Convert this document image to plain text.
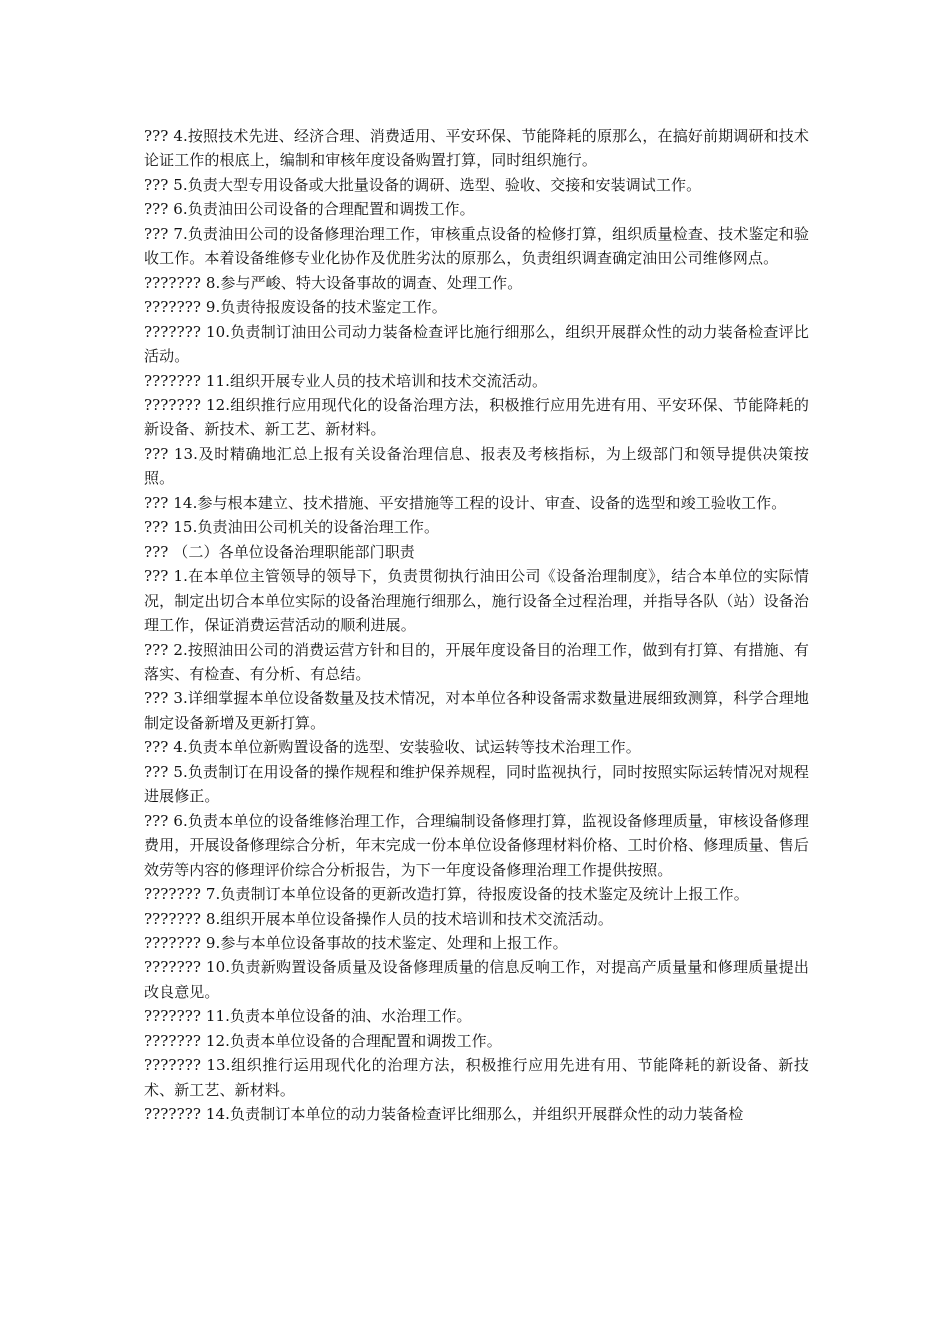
??? 4.按照技术先进、经济合理、消费适用、平安环保、节能降耗的原那么，在搞好前期调研和技术论证工作的根底上，编制和审核年度设备购置打算，同时组织施行。

??? 5.负责大型专用设备或大批量设备的调研、选型、验收、交接和安装调试工作。

??? 6.负责油田公司设备的合理配置和调拨工作。

??? 7.负责油田公司的设备修理治理工作，审核重点设备的检修打算，组织质量检查、技术鉴定和验收工作。本着设备维修专业化协作及优胜劣汰的原那么，负责组织调查确定油田公司维修网点。

??????? 8.参与严峻、特大设备事故的调查、处理工作。

??????? 9.负责待报废设备的技术鉴定工作。

??????? 10.负责制订油田公司动力装备检查评比施行细那么，组织开展群众性的动力装备检查评比活动。

??????? 11.组织开展专业人员的技术培训和技术交流活动。

??????? 12.组织推行应用现代化的设备治理方法，积极推行应用先进有用、平安环保、节能降耗的新设备、新技术、新工艺、新材料。

??? 13.及时精确地汇总上报有关设备治理信息、报表及考核指标，为上级部门和领导提供决策按照。

??? 14.参与根本建立、技术措施、平安措施等工程的设计、审查、设备的选型和竣工验收工作。

??? 15.负责油田公司机关的设备治理工作。

??? （二）各单位设备治理职能部门职责

??? 1.在本单位主管领导的领导下，负责贯彻执行油田公司《设备治理制度》，结合本单位的实际情况，制定出切合本单位实际的设备治理施行细那么，施行设备全过程治理，并指导各队（站）设备治理工作，保证消费运营活动的顺利进展。

??? 2.按照油田公司的消费运营方针和目的，开展年度设备目的治理工作，做到有打算、有措施、有落实、有检查、有分析、有总结。

??? 3.详细掌握本单位设备数量及技术情况，对本单位各种设备需求数量进展细致测算，科学合理地制定设备新增及更新打算。

??? 4.负责本单位新购置设备的选型、安装验收、试运转等技术治理工作。

??? 5.负责制订在用设备的操作规程和维护保养规程，同时监视执行，同时按照实际运转情况对规程进展修正。

??? 6.负责本单位的设备维修治理工作，合理编制设备修理打算，监视设备修理质量，审核设备修理费用，开展设备修理综合分析，年末完成一份本单位设备修理材料价格、工时价格、修理质量、售后效劳等内容的修理评价综合分析报告，为下一年度设备修理治理工作提供按照。

??????? 7.负责制订本单位设备的更新改造打算，待报废设备的技术鉴定及统计上报工作。

??????? 8.组织开展本单位设备操作人员的技术培训和技术交流活动。

??????? 9.参与本单位设备事故的技术鉴定、处理和上报工作。

??????? 10.负责新购置设备质量及设备修理质量的信息反响工作，对提高产质量量和修理质量提出改良意见。

??????? 11.负责本单位设备的油、水治理工作。

??????? 12.负责本单位设备的合理配置和调拨工作。

??????? 13.组织推行运用现代化的治理方法，积极推行应用先进有用、节能降耗的新设备、新技术、新工艺、新材料。

??????? 14.负责制订本单位的动力装备检查评比细那么，并组织开展群众性的动力装备检
